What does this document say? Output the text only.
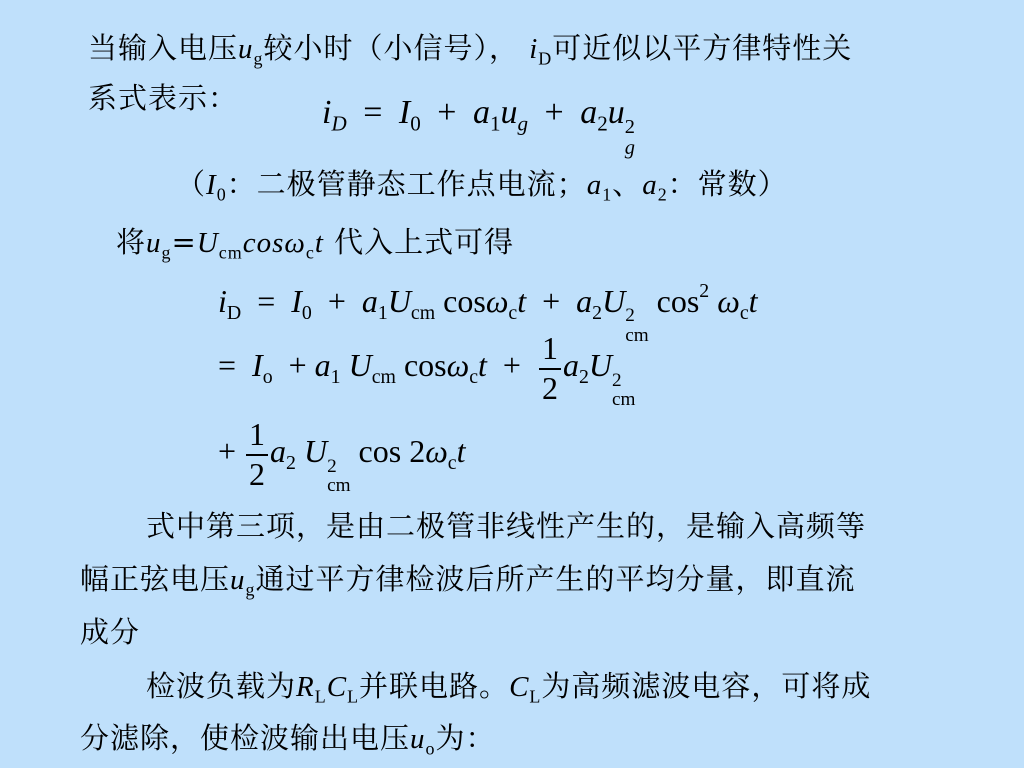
当输入电压$u_g$较小时（小信号）， $i_D$可近似以平方律特性关
系式表示： $i_D = I_0 + a_1u_g + a_2u$ 2
g
（$I_0$：二极管静态工作点电流；$a_1$、$a_2$：常数）
将$u_g=U_{cm}\cos\omega_ct$ 代入上式可得
$i_D = I_0 + a_1U_{cm}$ $\cos\omega_ct + a_2U$ 2
cm
$\cos^2 \omega_ct$
= $I_o + a_1$ $U_{cm}$ $\cos\omega_ct + \frac{1}{2} a_2U$ 2
cm
+ $\frac{1}{2} a_2$ U 2
cm
$\cos 2\omega_ct$
式中第三项，是由二极管非线性产生的，是输入高频等
幅正弦电压$u_g$通过平方律检波后所产生的平均分量，即直流
成分
检波负载为$R_LC_L$并联电路。$C_L$为高频滤波电容，可将成
分滤除，使检波输出电压$u_o$为：
